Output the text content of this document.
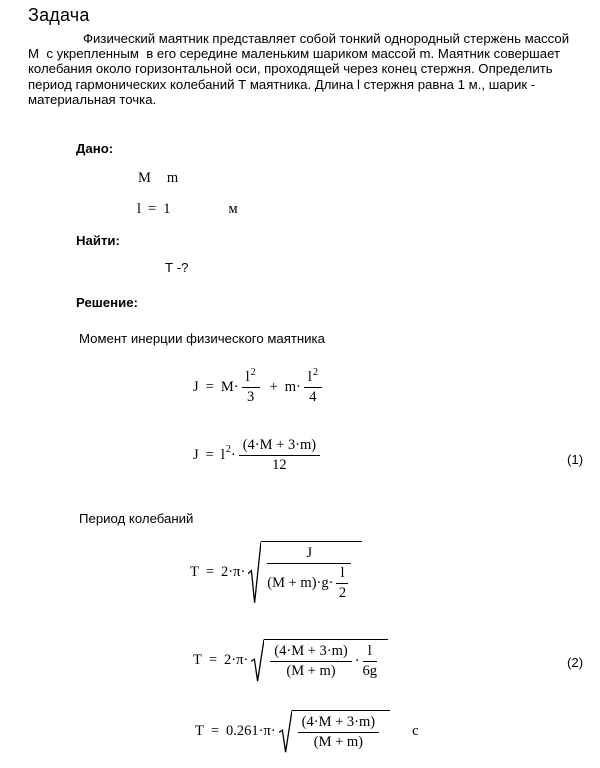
Задача
Физический маятник представляет собой тонкий однородный стержень массой
М  с укрепленным  в его середине маленьким шариком массой m. Маятник совершает
колебания около горизонтальной оси, проходящей через конец стержня. Определить
период гармонических колебаний Т маятника. Длина l стержня равна 1 м., шарик -
материальная точка.
Дано:
M m
l = 1	м
Найти:
Т -?
Решение:
Момент инерции физического маятника
$J = M\cdot \frac{l^2}{3} + m\cdot \frac{l^2}{4}$
J = l $2 \cdot \frac{(4\cdot M + 3\cdot m)}{12}$	(1)
Период колебаний
T = 2·π·
J
$(M + m)\cdot g\cdot \frac{l}{2}$
$T = 2\cdot\pi\cdot \frac{(4\cdot M + 3\cdot m)}{(M + m)} \cdot \frac{l}{6g}$	(2)
$T = 0.261\cdot\pi\cdot \frac{(4\cdot M + 3\cdot m)}{(M + m)}$ с
